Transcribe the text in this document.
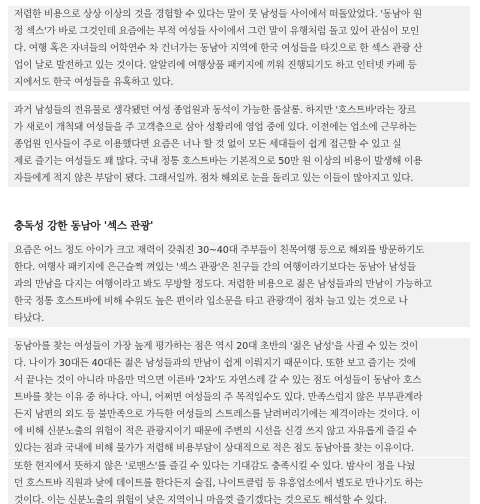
저렴한 비용으로 상상 이상의 것을 경험할 수 있다는 말이 뭇 남성들 사이에서 떠돌았었다. '동남아 원

정 섹스'가 바로 그것인데 요즘에는 부적 여성들 사이에서 그런 말이 유행처럼 돌고 있어 관심이 모인

다. 여행 혹은 자녀들의 어학연수 차 건너가는 동남아 지역에 한국 여성들을 타깃으로 한 섹스 관광 산

업이 날로 발전하고 있는 것이다. 알알리에 여행상품 패키지에 끼워 진행되기도 하고 인터넷 카페 등

지에서도 한국 여성들을 유혹하고 있다.

과거 남성들의 전유물로 생각됐던 여성 종업원과 동석이 가능한 룸살롱. 하지만 '호스트바'라는 장르

가 새로이 개척돼 여성들을 주 고객층으로 삼아 성황리에 영업 중에 있다. 이전에는 업소에 근무하는

종업원 인사들이 주로 이용했다면 요즘은 너나 할 것 없이 모든 세대들이 쉽게 접근할 수 있고 실

제로 즐기는 여성들도 꽤 많다. 국내 정통 호스트바는 기본적으로 50만 원 이상의 비용이 발생해 이용

자들에게 적지 않은 부담이 됐다. 그래서일까. 점차 해외로 눈을 돌리고 있는 이들이 많아지고 있다.

충독성 강한 동남아 '섹스 관광'

요즘은 어느 정도 아이가 크고 재력이 갖춰진 30~40대 주부들이 친목여행 등으로 해외를 방문하기도

한다. 여행사 패키지에 은근슬쩍 껴있는 '섹스 관광'은 친구들 간의 여행이라기보다는 동남아 남성들

과의 만남을 다지는 여행이라고 봐도 무방할 정도다. 저렴한 비용으로 젊은 남성들과의 만남이 가능하고

한국 정통 호스트바에 비해 수위도 높은 편이라 입소문을 타고 관광객이 점차 늘고 있는 것으로 나

타났다.

동남아를 찾는 여성들이 가장 높게 평가하는 점은 역시 20대 초반의 '젊은 남성'을 사귈 수 있는 것이

다. 나이가 30대든 40대든 젊은 남성들과의 만남이 쉽게 이뤄지기 때문이다. 또한 보고 즐기는 것에

서 끝나는 것이 아니라 마음만 먹으면 이른바 '2차'도 자연스레 갈 수 있는 점도 여성들이 동남아 호스

트바를 찾는 이유 중 하나다. 아니, 어쩌면 여성들의 주 목적일수도 있다. 만족스럽지 않은 부부관계라

든지 남편의 외도 등 불만족으로 가득한 여성들의 스트레스를 날려버리기에는 제격이라는 것이다. 이

에 비해 신분노출의 위험이 적은 관광지이기 때문에 주변의 시선을 신경 쓰지 않고 자유롭게 즐길 수

있다는 점과 국내에 비해 물가가 저렴해 비용부담이 상대적으로 적은 점도 동남아를 찾는 이유이다.

또한 현지에서 뜻하지 않은 '로맨스'를 즐길 수 있다는 기대감도 충족시킬 수 있다. 밤사이 정을 나눴

던 호스트바 직원과 낮에 데이트를 한다든지 술집, 나이트클럽 등 유흥업소에서 별도로 만나기도 하는

것이다. 이는 신분노출의 위험이 낮은 지역이니 마음껏 즐기겠다는 것으로도 해석할 수 있다.
